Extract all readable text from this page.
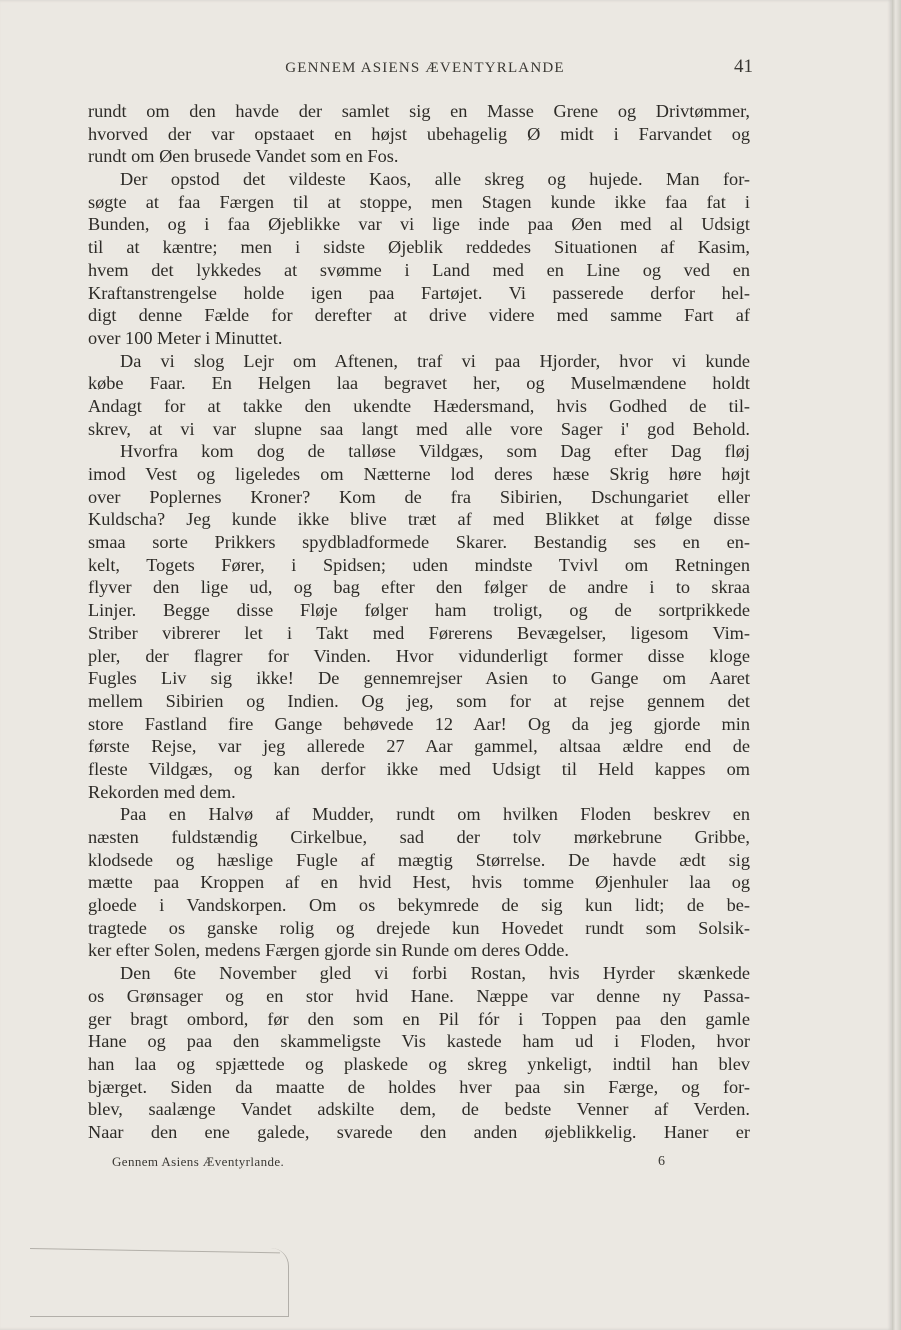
GENNEM ASIENS ÆVENTYRLANDE	41
rundt om den havde der samlet sig en Masse Grene og Drivtømmer,
hvorved der var opstaaet en højst ubehagelig Ø midt i Farvandet og
rundt om Øen brusede Vandet som en Fos.
Der opstod det vildeste Kaos, alle skreg og hujede. Man for-
søgte at faa Færgen til at stoppe, men Stagen kunde ikke faa fat i
Bunden, og i faa Øjeblikke var vi lige inde paa Øen med al Udsigt
til at kæntre; men i sidste Øjeblik reddedes Situationen af Kasim,
hvem det lykkedes at svømme i Land med en Line og ved en
Kraftanstrengelse holde igen paa Fartøjet. Vi passerede derfor hel-
digt denne Fælde for derefter at drive videre med samme Fart af
over 100 Meter i Minuttet.
Da vi slog Lejr om Aftenen, traf vi paa Hjorder, hvor vi kunde
købe Faar. En Helgen laa begravet her, og Muselmændene holdt
Andagt for at takke den ukendte Hædersmand, hvis Godhed de til-
skrev, at vi var slupne saa langt med alle vore Sager i' god Behold.
Hvorfra kom dog de talløse Vildgæs, som Dag efter Dag fløj
imod Vest og ligeledes om Nætterne lod deres hæse Skrig høre højt
over Poplernes Kroner? Kom de fra Sibirien, Dschungariet eller
Kuldscha? Jeg kunde ikke blive træt af med Blikket at følge disse
smaa sorte Prikkers spydbladformede Skarer. Bestandig ses en en-
kelt, Togets Fører, i Spidsen; uden mindste Tvivl om Retningen
flyver den lige ud, og bag efter den følger de andre i to skraa
Linjer. Begge disse Fløje følger ham troligt, og de sortprikkede
Striber vibrerer let i Takt med Førerens Bevægelser, ligesom Vim-
pler, der flagrer for Vinden. Hvor vidunderligt former disse kloge
Fugles Liv sig ikke! De gennemrejser Asien to Gange om Aaret
mellem Sibirien og Indien. Og jeg, som for at rejse gennem det
store Fastland fire Gange behøvede 12 Aar! Og da jeg gjorde min
første Rejse, var jeg allerede 27 Aar gammel, altsaa ældre end de
fleste Vildgæs, og kan derfor ikke med Udsigt til Held kappes om
Rekorden med dem.
Paa en Halvø af Mudder, rundt om hvilken Floden beskrev en
næsten fuldstændig Cirkelbue, sad der tolv mørkebrune Gribbe,
klodsede og hæslige Fugle af mægtig Størrelse. De havde ædt sig
mætte paa Kroppen af en hvid Hest, hvis tomme Øjenhuler laa og
gloede i Vandskorpen. Om os bekymrede de sig kun lidt; de be-
tragtede os ganske rolig og drejede kun Hovedet rundt som Solsik-
ker efter Solen, medens Færgen gjorde sin Runde om deres Odde.
Den 6te November gled vi forbi Rostan, hvis Hyrder skænkede
os Grønsager og en stor hvid Hane. Næppe var denne ny Passa-
ger bragt ombord, før den som en Pil fór i Toppen paa den gamle
Hane og paa den skammeligste Vis kastede ham ud i Floden, hvor
han laa og spjættede og plaskede og skreg ynkeligt, indtil han blev
bjærget. Siden da maatte de holdes hver paa sin Færge, og for-
blev, saalænge Vandet adskilte dem, de bedste Venner af Verden.
Naar den ene galede, svarede den anden øjeblikkelig. Haner er
Gennem Asiens Æventyrlande.	6
